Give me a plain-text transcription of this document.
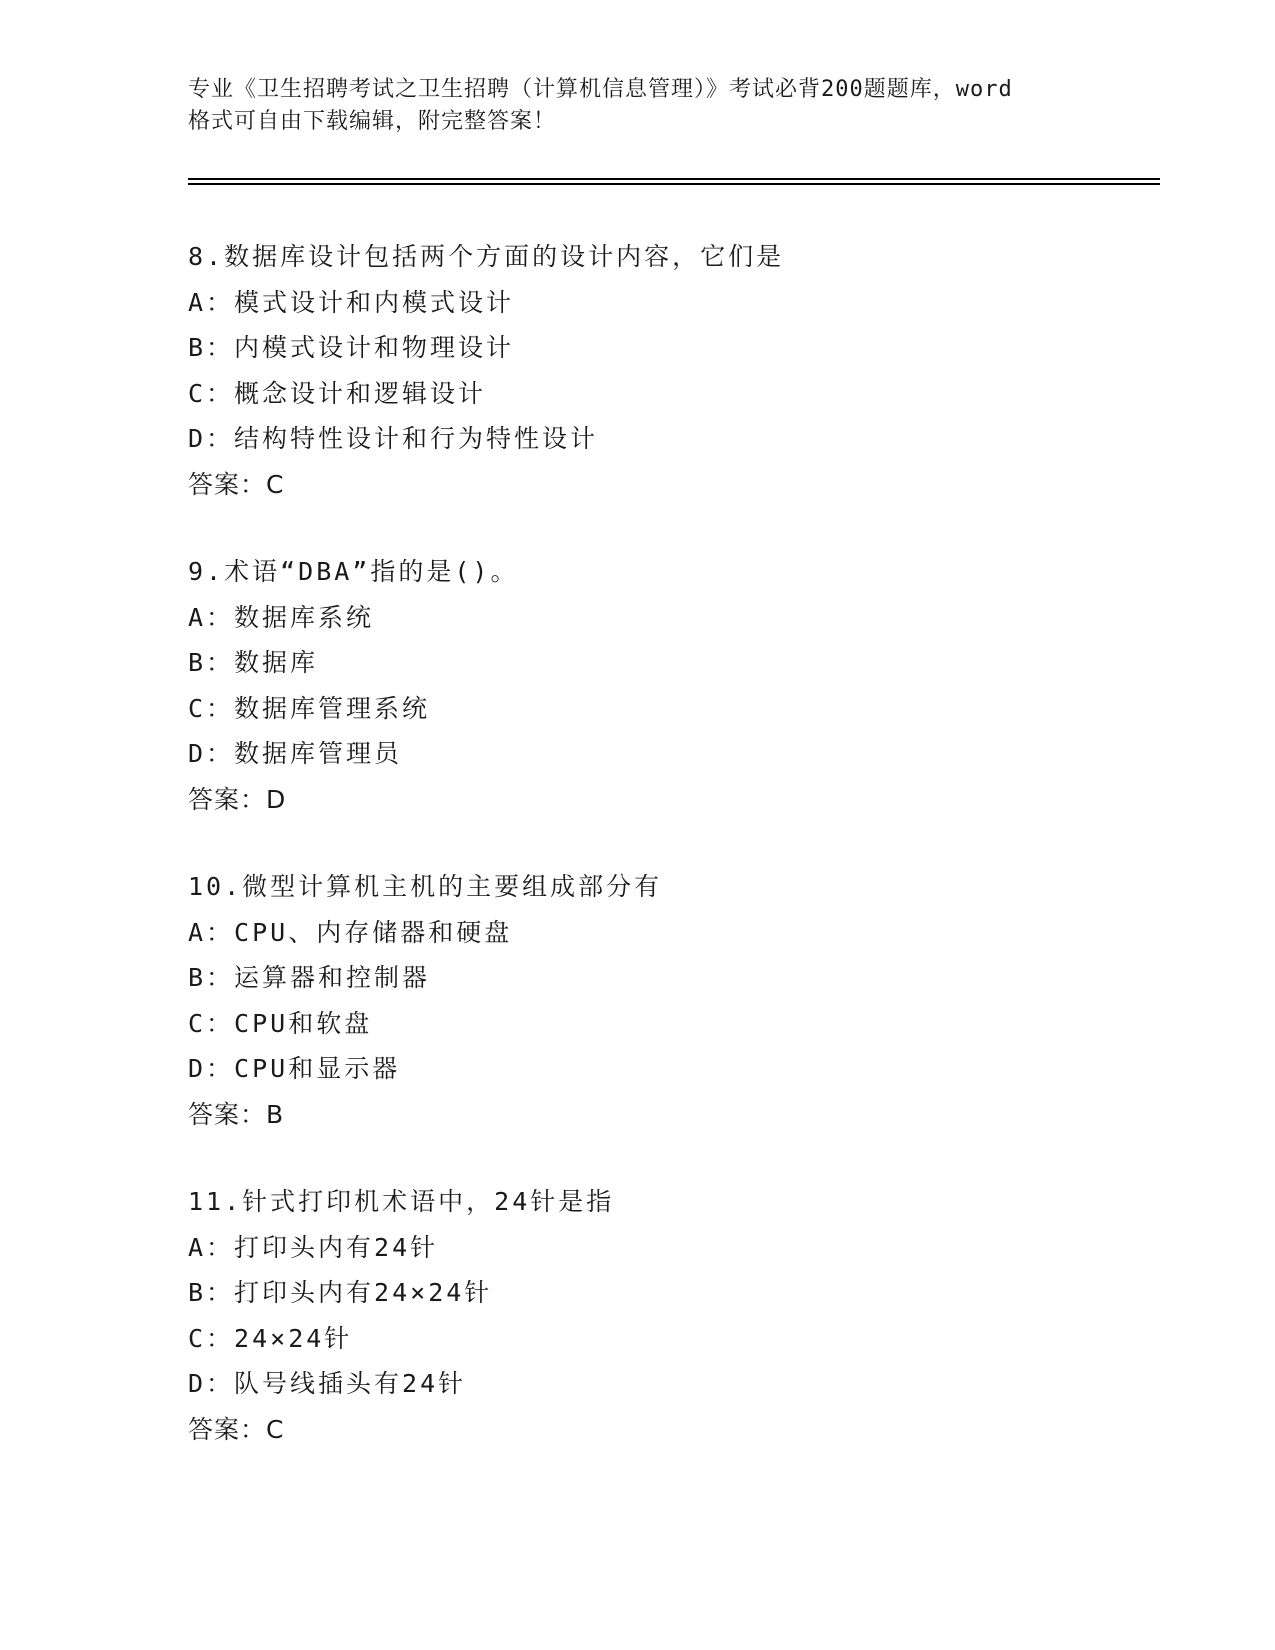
专业《卫生招聘考试之卫生招聘（计算机信息管理）》考试必背200题题库，word
格式可自由下载编辑，附完整答案！
8.数据库设计包括两个方面的设计内容，它们是
A：模式设计和内模式设计
B：内模式设计和物理设计
C：概念设计和逻辑设计
D：结构特性设计和行为特性设计
答案：C
9.术语“DBA”指的是()。
A：数据库系统
B：数据库
C：数据库管理系统
D：数据库管理员
答案：D
10.微型计算机主机的主要组成部分有
A：CPU、内存储器和硬盘
B：运算器和控制器
C：CPU和软盘
D：CPU和显示器
答案：B
11.针式打印机术语中，24针是指
A：打印头内有24针
B：打印头内有24×24针
C：24×24针
D：队号线插头有24针
答案：C
